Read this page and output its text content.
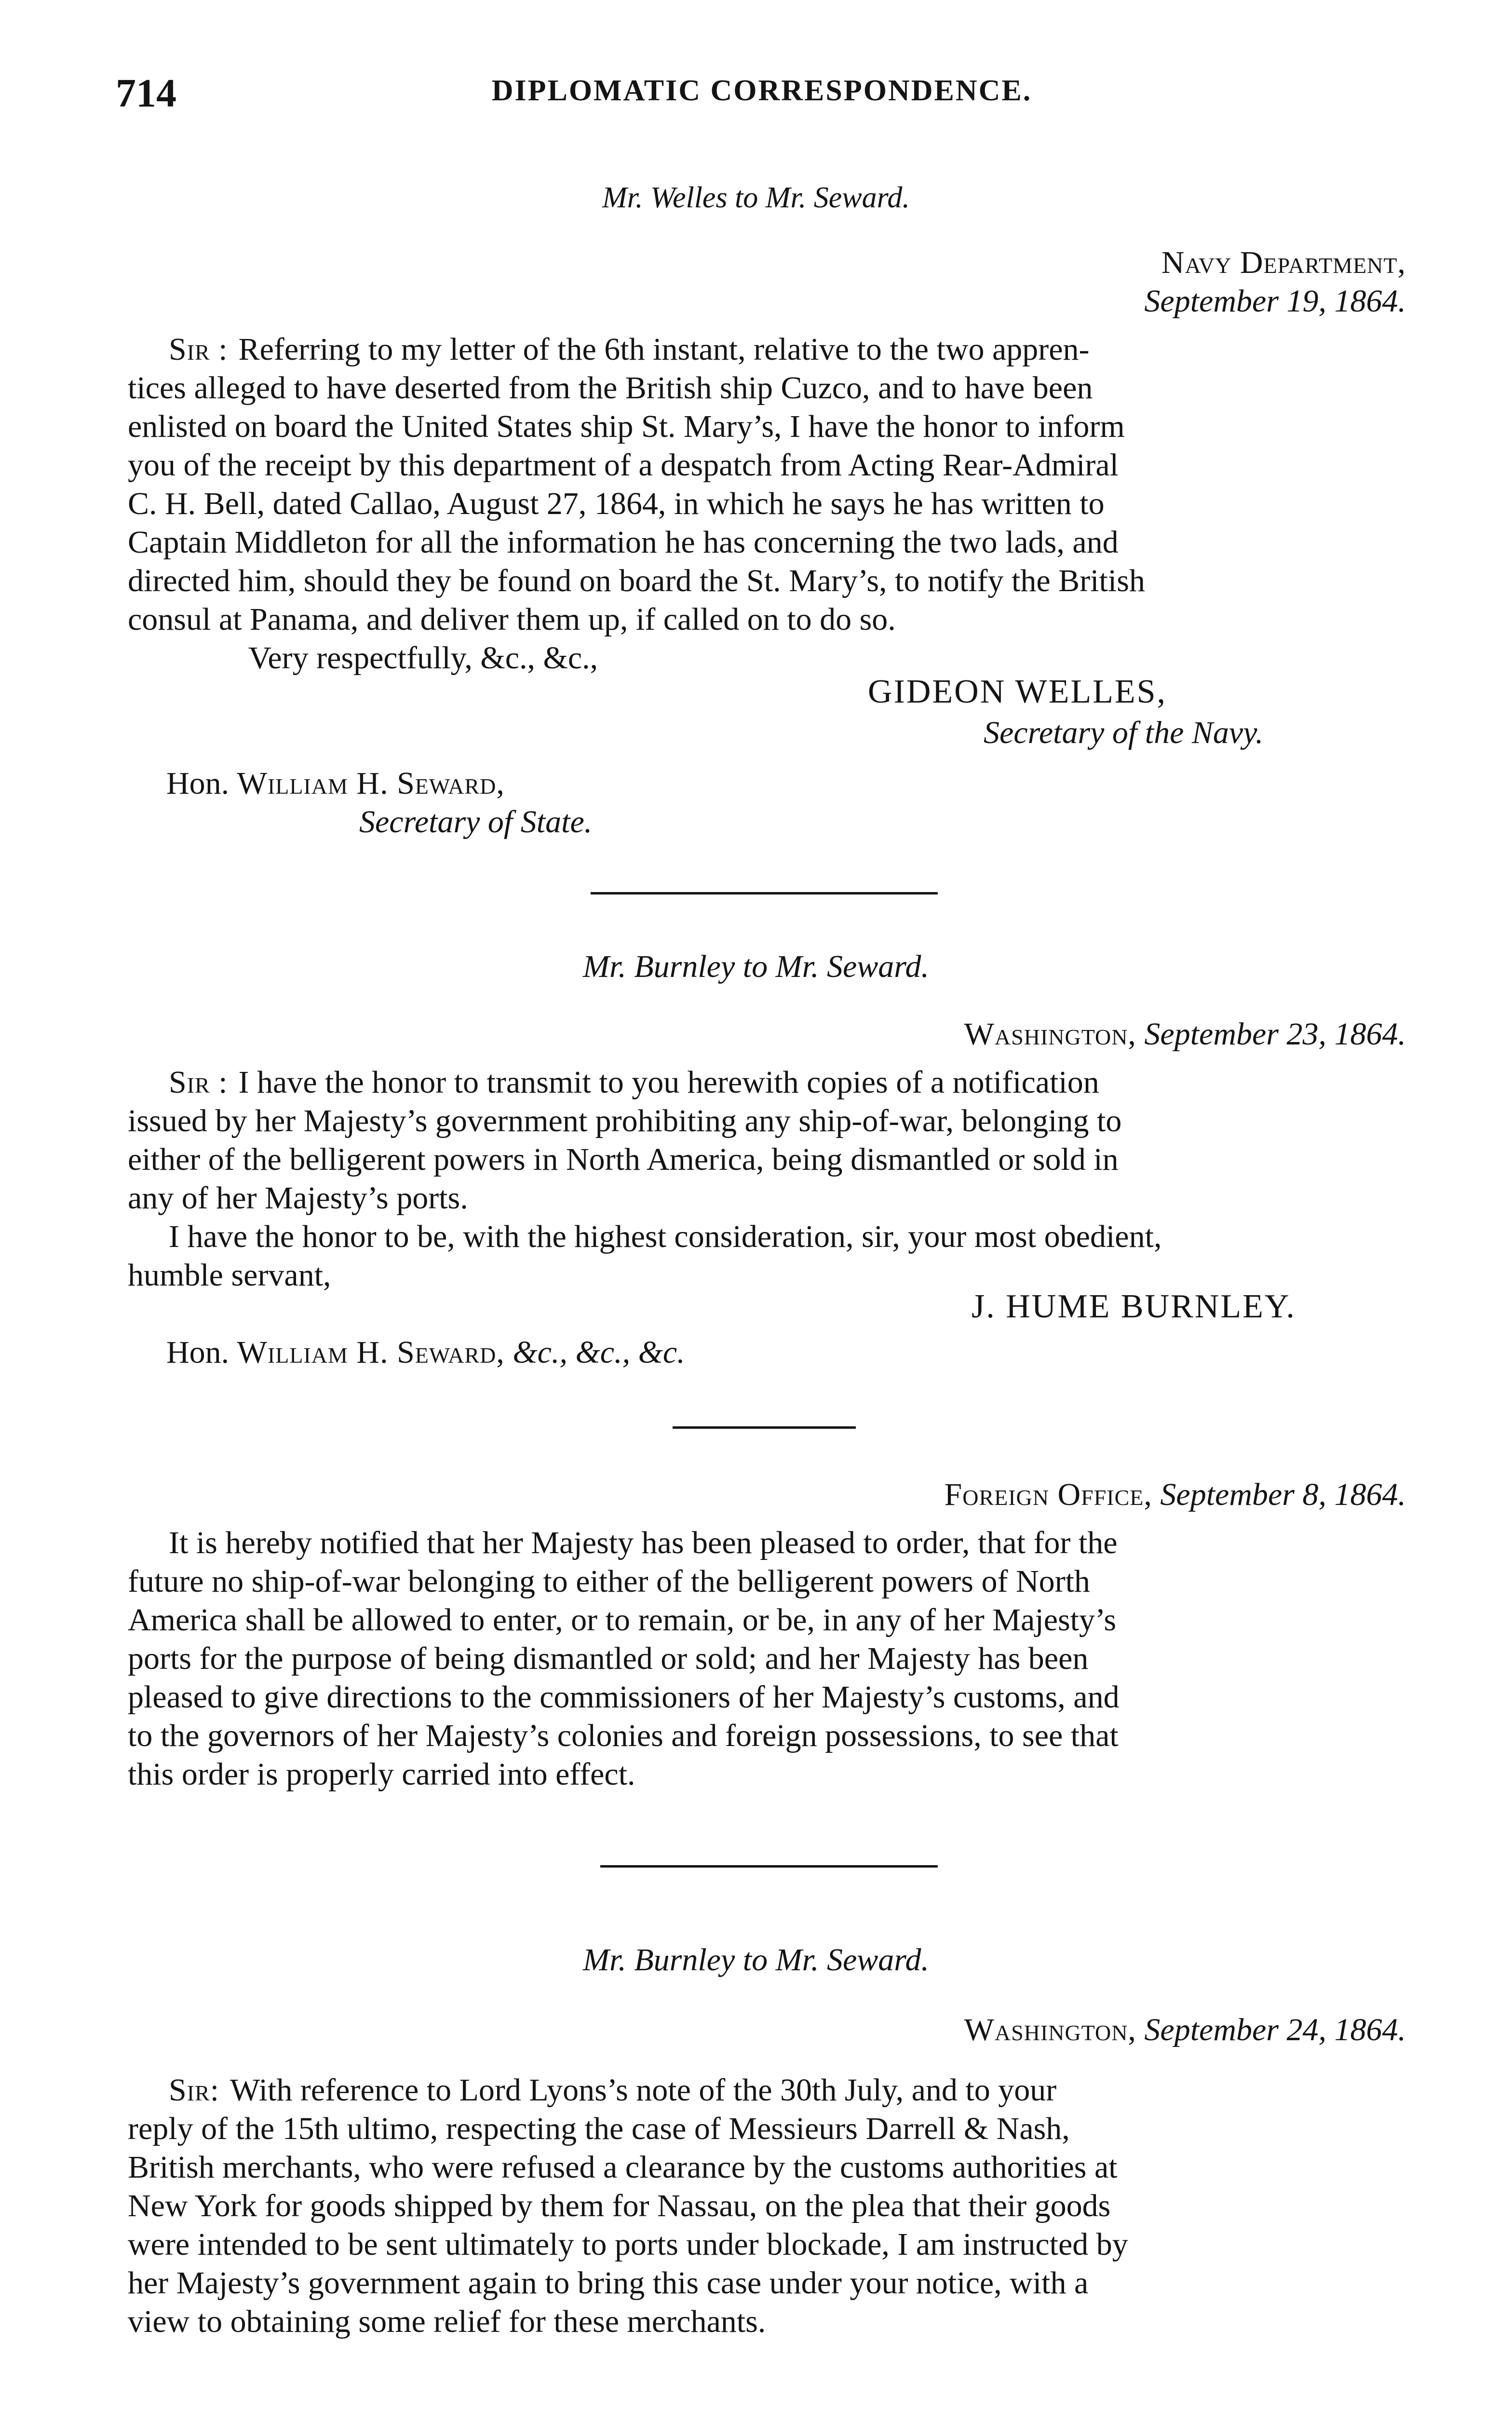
714	DIPLOMATIC CORRESPONDENCE.
Mr. Welles to Mr. Seward.
Navy Department,
September 19, 1864.
Sir : Referring to my letter of the 6th instant, relative to the two appren-
tices alleged to have deserted from the British ship Cuzco, and to have been
enlisted on board the United States ship St. Mary’s, I have the honor to inform
you of the receipt by this department of a despatch from Acting Rear-Admiral
C. H. Bell, dated Callao, August 27, 1864, in which he says he has written to
Captain Middleton for all the information he has concerning the two lads, and
directed him, should they be found on board the St. Mary’s, to notify the British
consul at Panama, and deliver them up, if called on to do so.
Very respectfully, &c., &c.,
GIDEON WELLES,
Secretary of the Navy.
Hon. William H. Seward,
Secretary of State.
Mr. Burnley to Mr. Seward.
Washington, September 23, 1864.
Sir : I have the honor to transmit to you herewith copies of a notification
issued by her Majesty’s government prohibiting any ship-of-war, belonging to
either of the belligerent powers in North America, being dismantled or sold in
any of her Majesty’s ports.
I have the honor to be, with the highest consideration, sir, your most obedient,
humble servant,
J. HUME BURNLEY.
Hon. William H. Seward, &c., &c., &c.
Foreign Office, September 8, 1864.
It is hereby notified that her Majesty has been pleased to order, that for the
future no ship-of-war belonging to either of the belligerent powers of North
America shall be allowed to enter, or to remain, or be, in any of her Majesty’s
ports for the purpose of being dismantled or sold; and her Majesty has been
pleased to give directions to the commissioners of her Majesty’s customs, and
to the governors of her Majesty’s colonies and foreign possessions, to see that
this order is properly carried into effect.
Mr. Burnley to Mr. Seward.
Washington, September 24, 1864.
Sir: With reference to Lord Lyons’s note of the 30th July, and to your
reply of the 15th ultimo, respecting the case of Messieurs Darrell & Nash,
British merchants, who were refused a clearance by the customs authorities at
New York for goods shipped by them for Nassau, on the plea that their goods
were intended to be sent ultimately to ports under blockade, I am instructed by
her Majesty’s government again to bring this case under your notice, with a
view to obtaining some relief for these merchants.
